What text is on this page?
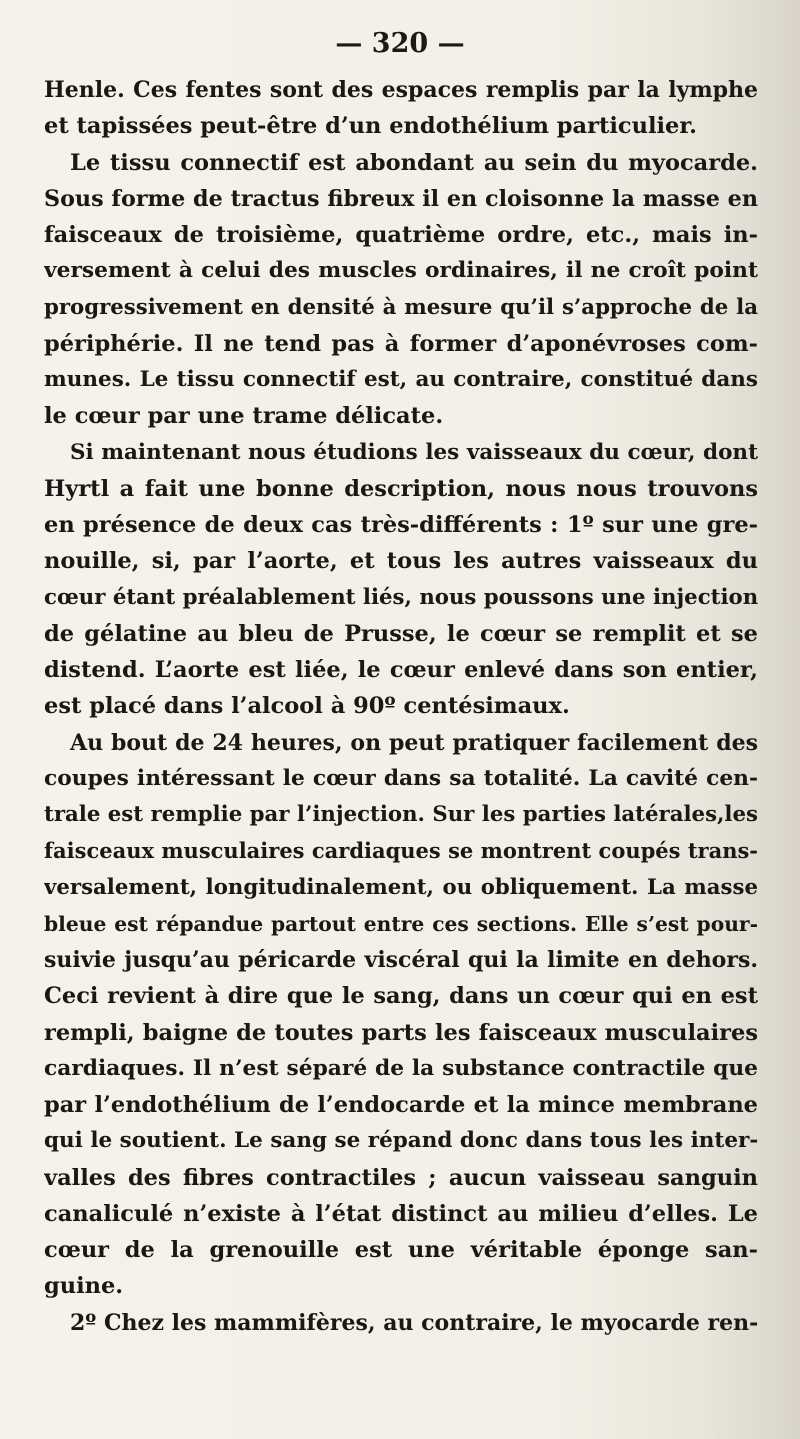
— 320 —
Henle. Ces fentes sont des espaces remplis par la lymphe
et tapissées peut-être d’un endothélium particulier.
Le tissu connectif est abondant au sein du myocarde.
Sous forme de tractus fibreux il en cloisonne la masse en
faisceaux de troisième, quatrième ordre, etc., mais in-
versement à celui des muscles ordinaires, il ne croît point
progressivement en densité à mesure qu’il s’approche de la
périphérie. Il ne tend pas à former d’aponévroses com-
munes. Le tissu connectif est, au contraire, constitué dans
le cœur par une trame délicate.
Si maintenant nous étudions les vaisseaux du cœur, dont
Hyrtl a fait une bonne description, nous nous trouvons
en présence de deux cas très-différents : 1º sur une gre-
nouille, si, par l’aorte, et tous les autres vaisseaux du
cœur étant préalablement liés, nous poussons une injection
de gélatine au bleu de Prusse, le cœur se remplit et se
distend. L’aorte est liée, le cœur enlevé dans son entier,
est placé dans l’alcool à 90º centésimaux.
Au bout de 24 heures, on peut pratiquer facilement des
coupes intéressant le cœur dans sa totalité. La cavité cen-
trale est remplie par l’injection. Sur les parties latérales,les
faisceaux musculaires cardiaques se montrent coupés trans-
versalement, longitudinalement, ou obliquement. La masse
bleue est répandue partout entre ces sections. Elle s’est pour-
suivie jusqu’au péricarde viscéral qui la limite en dehors.
Ceci revient à dire que le sang, dans un cœur qui en est
rempli, baigne de toutes parts les faisceaux musculaires
cardiaques. Il n’est séparé de la substance contractile que
par l’endothélium de l’endocarde et la mince membrane
qui le soutient. Le sang se répand donc dans tous les inter-
valles des fibres contractiles ; aucun vaisseau sanguin
canaliculé n’existe à l’état distinct au milieu d’elles. Le
cœur de la grenouille est une véritable éponge san-
guine.
2º Chez les mammifères, au contraire, le myocarde ren-
